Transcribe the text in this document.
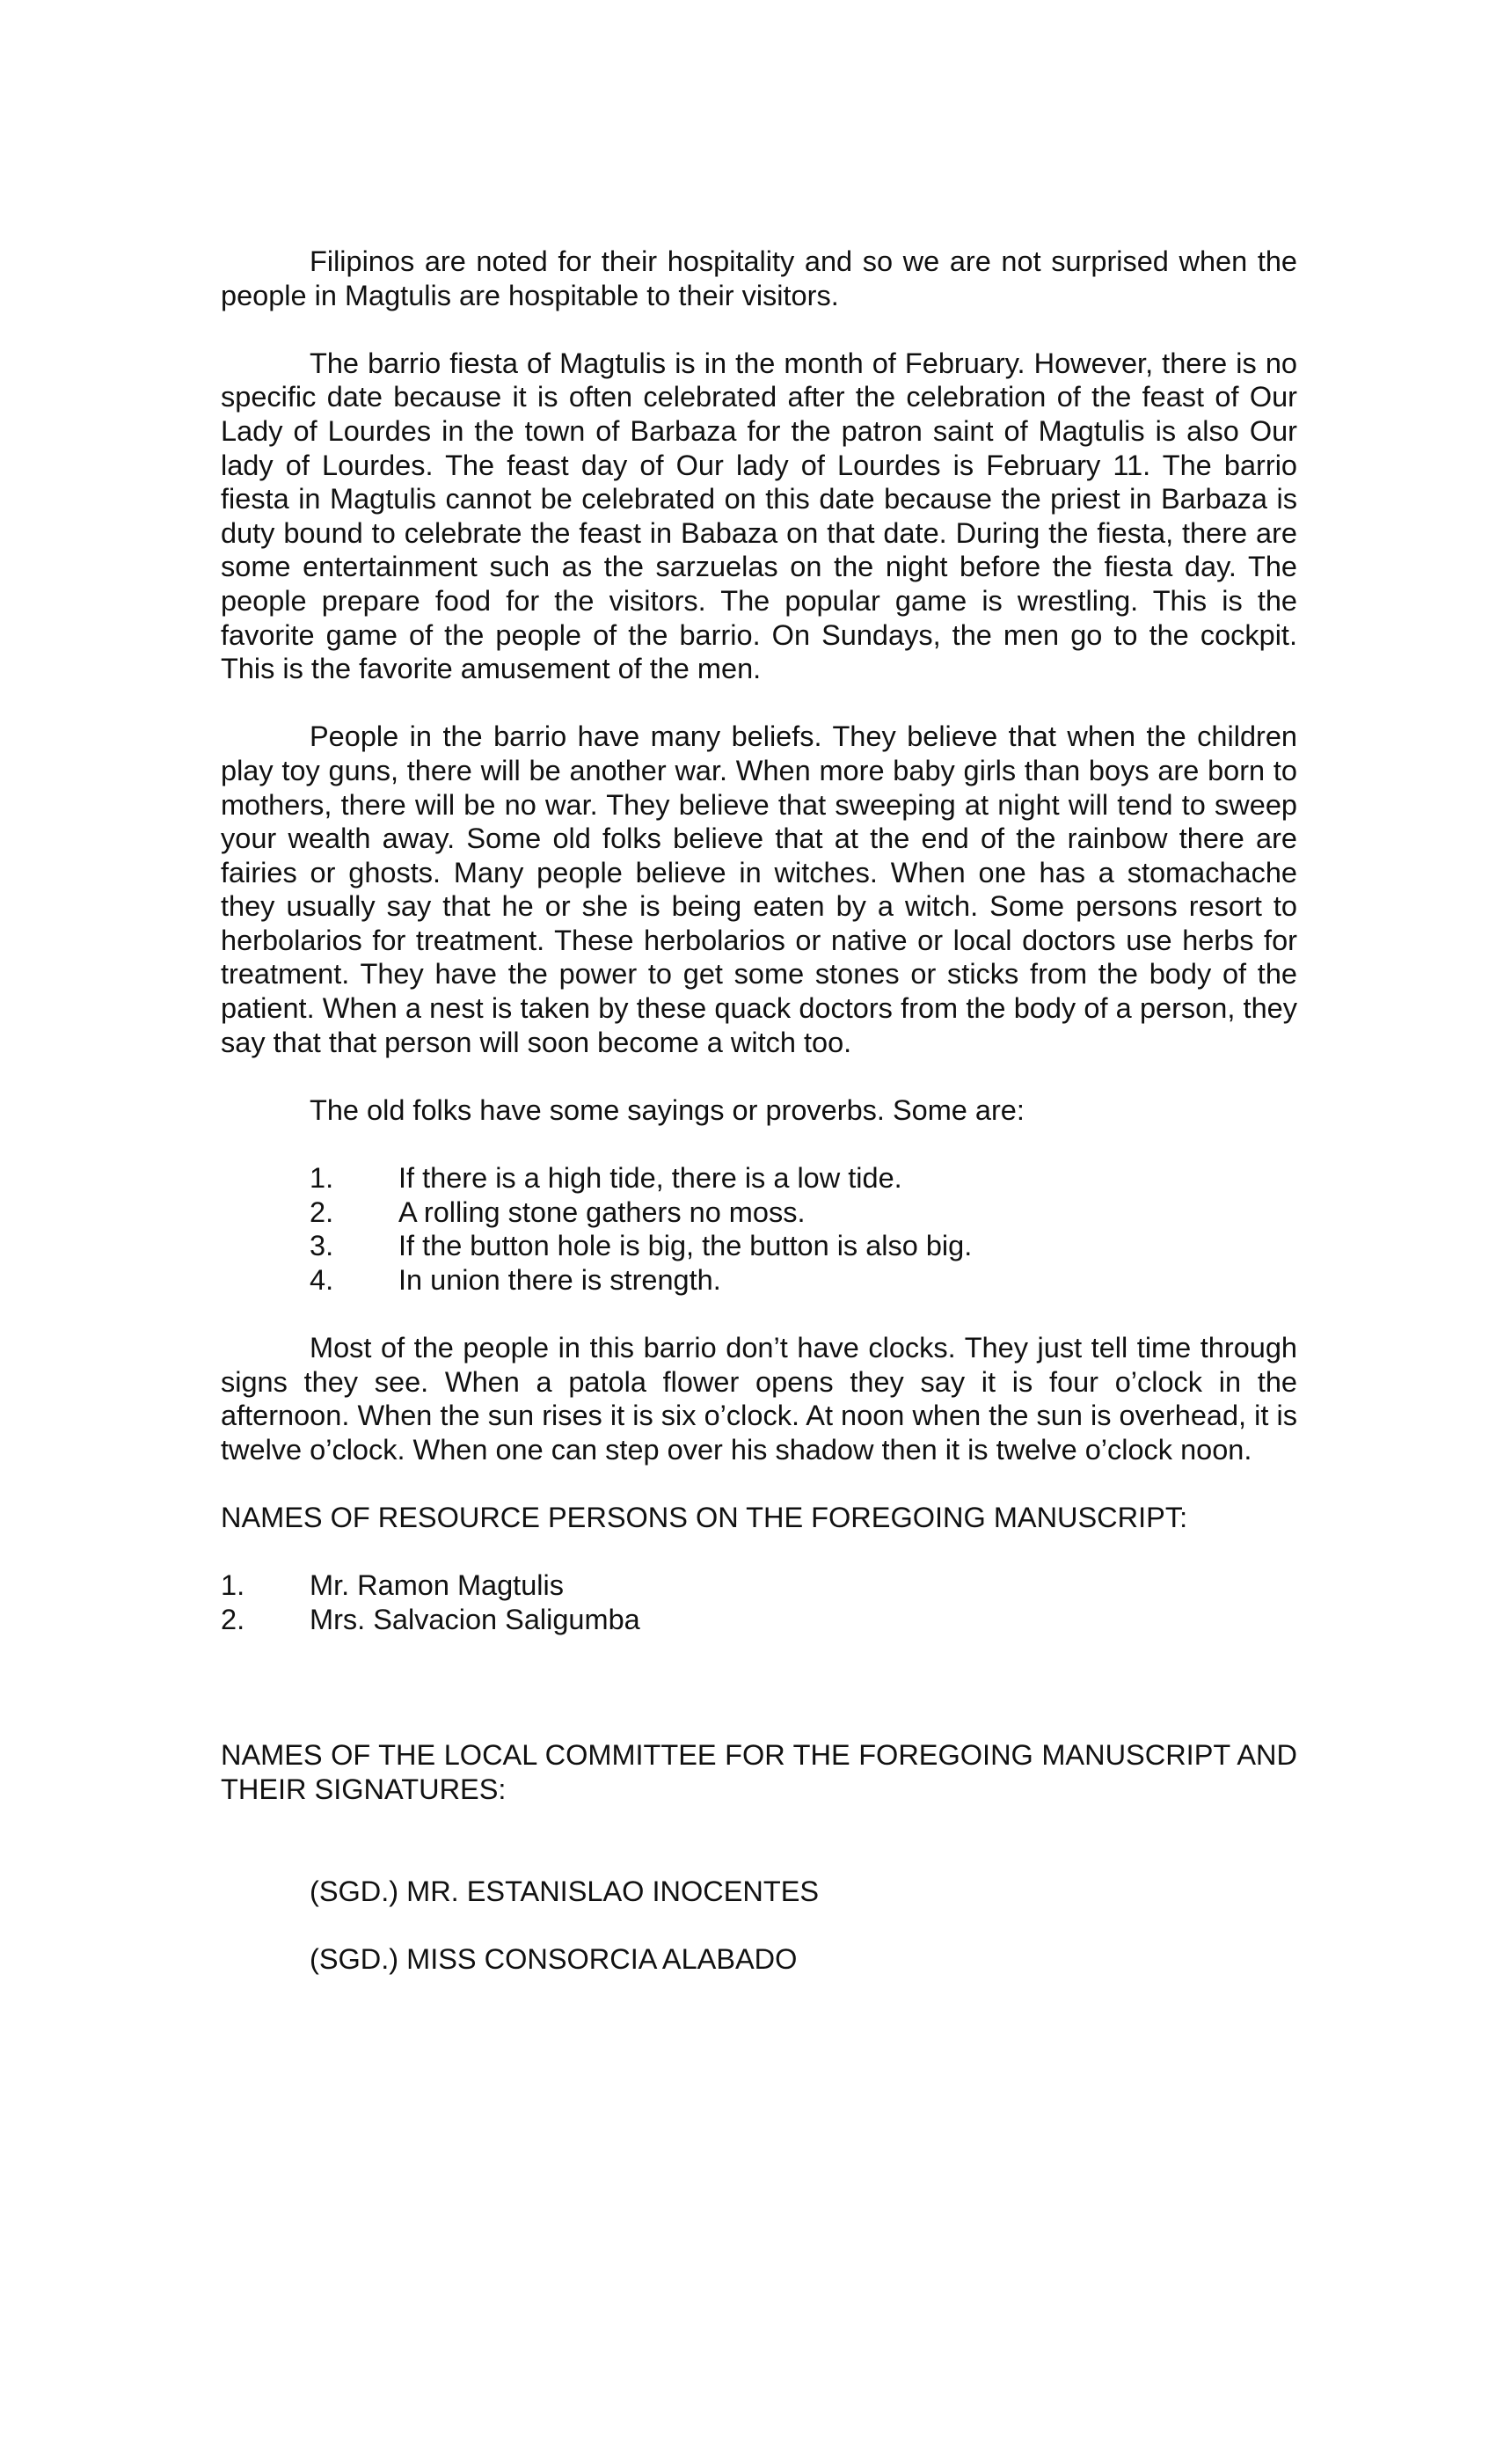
Filipinos are noted for their hospitality and so we are not surprised when the people in Magtulis are hospitable to their visitors.

The barrio fiesta of Magtulis is in the month of February. However, there is no specific date because it is often celebrated after the celebration of the feast of Our Lady of Lourdes in the town of Barbaza for the patron saint of Magtulis is also Our lady of Lourdes. The feast day of Our lady of Lourdes is February 11. The barrio fiesta in Magtulis cannot be celebrated on this date because the priest in Barbaza is duty bound to celebrate the feast in Babaza on that date. During the fiesta, there are some entertainment such as the sarzuelas on the night before the fiesta day. The people prepare food for the visitors. The popular game is wrestling. This is the favorite game of the people of the barrio. On Sundays, the men go to the cockpit. This is the favorite amusement of the men.

People in the barrio have many beliefs. They believe that when the children play toy guns, there will be another war. When more baby girls than boys are born to mothers, there will be no war. They believe that sweeping at night will tend to sweep your wealth away. Some old folks believe that at the end of the rainbow there are fairies or ghosts. Many people believe in witches. When one has a stomachache they usually say that he or she is being eaten by a witch. Some persons resort to herbolarios for treatment. These herbolarios or native or local doctors use herbs for treatment. They have the power to get some stones or sticks from the body of the patient. When a nest is taken by these quack doctors from the body of a person, they say that that person will soon become a witch too.

The old folks have some sayings or proverbs. Some are:

1.	If there is a high tide, there is a low tide.
2.	A rolling stone gathers no moss.
3.	If the button hole is big, the button is also big.
4.	In union there is strength.

Most of the people in this barrio don’t have clocks. They just tell time through signs they see. When a patola flower opens they say it is four o’clock in the afternoon. When the sun rises it is six o’clock. At noon when the sun is overhead, it is twelve o’clock. When one can step over his shadow then it is twelve o’clock noon.

NAMES OF RESOURCE PERSONS ON THE FOREGOING MANUSCRIPT:

1.	Mr. Ramon Magtulis
2.	Mrs. Salvacion Saligumba

NAMES OF THE LOCAL COMMITTEE FOR THE FOREGOING MANUSCRIPT AND THEIR SIGNATURES:

(SGD.) MR. ESTANISLAO INOCENTES
(SGD.) MISS CONSORCIA ALABADO
